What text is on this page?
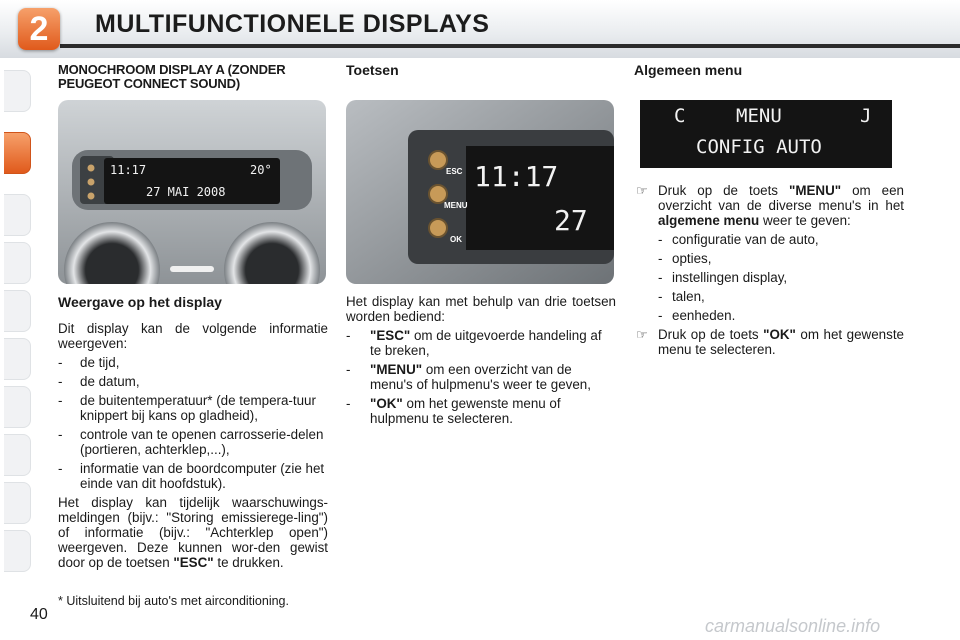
2	MULTIFUNCTIONELE DISPLAYS
MONOCHROOM DISPLAY A (ZONDER PEUGEOT CONNECT SOUND)
11:17	20°
27 MAI 2008
Weergave op het display

Dit display kan de volgende informatie weergeven:

- de tijd,
- de datum,
- de buitentemperatuur* (de tempera-tuur knippert bij kans op gladheid),
- controle van te openen carrosserie-delen (portieren, achterklep,...),
- informatie van de boordcomputer (zie het einde van dit hoofdstuk).

Het display kan tijdelijk waarschuwings-meldingen (bijv.: "Storing emissierege-ling") of informatie (bijv.: "Achterklep open") weergeven. Deze kunnen wor-den gewist door op de toetsen "ESC" te drukken.

* Uitsluitend bij auto's met airconditioning.
Toetsen
ESC
MENU
OK
11:17
27

Het display kan met behulp van drie toetsen worden bediend:

- "ESC" om de uitgevoerde handeling af te breken,
- "MENU" om een overzicht van de menu's of hulpmenu's weer te geven,
- "OK" om het gewenste menu of hulpmenu te selecteren.
Algemeen menu
C	MENU	J
CONFIG AUTO
☞ Druk op de toets "MENU" om een overzicht van de diverse menu's in het algemene menu weer te geven:
- configuratie van de auto,
- opties,
- instellingen display,
- talen,
- eenheden.
☞ Druk op de toets "OK" om het gewenste menu te selecteren.
40
carmanualsonline.info
